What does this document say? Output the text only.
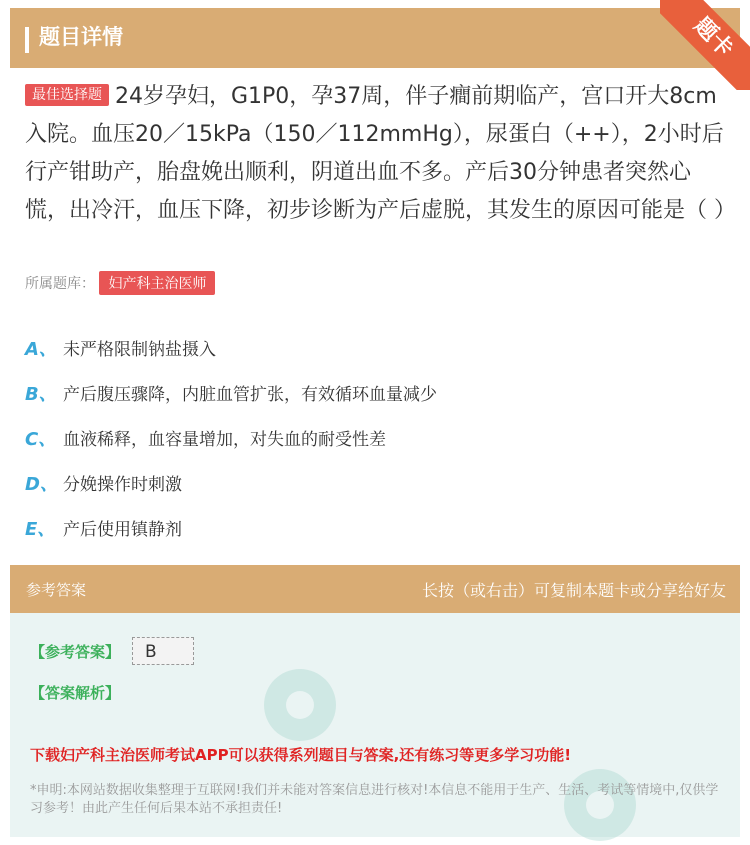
题目详情	题卡
最佳选择题 24岁孕妇，G1P0，孕37周，伴子癎前期临产，宫口开大8cm入院。血压20／15kPa（150／112mmHg），尿蛋白（++），2小时后行产钳助产，胎盘娩出顺利，阴道出血不多。产后30分钟患者突然心慌，出冷汗，血压下降，初步诊断为产后虚脱，其发生的原因可能是（ ）
所属题库： 妇产科主治医师
A、 未严格限制钠盐摄入
B、 产后腹压骤降，内脏血管扩张，有效循环血量减少
C、 血液稀释，血容量增加，对失血的耐受性差
D、 分娩操作时刺激
E、 产后使用镇静剂
参考答案	长按（或右击）可复制本题卡或分享给好友
【参考答案】	B
【答案解析】
下载妇产科主治医师考试APP可以获得系列题目与答案,还有练习等更多学习功能!
*申明:本网站数据收集整理于互联网!我们并未能对答案信息进行核对!本信息不能用于生产、生活、考试等情境中,仅供学习参考！由此产生任何后果本站不承担责任!
